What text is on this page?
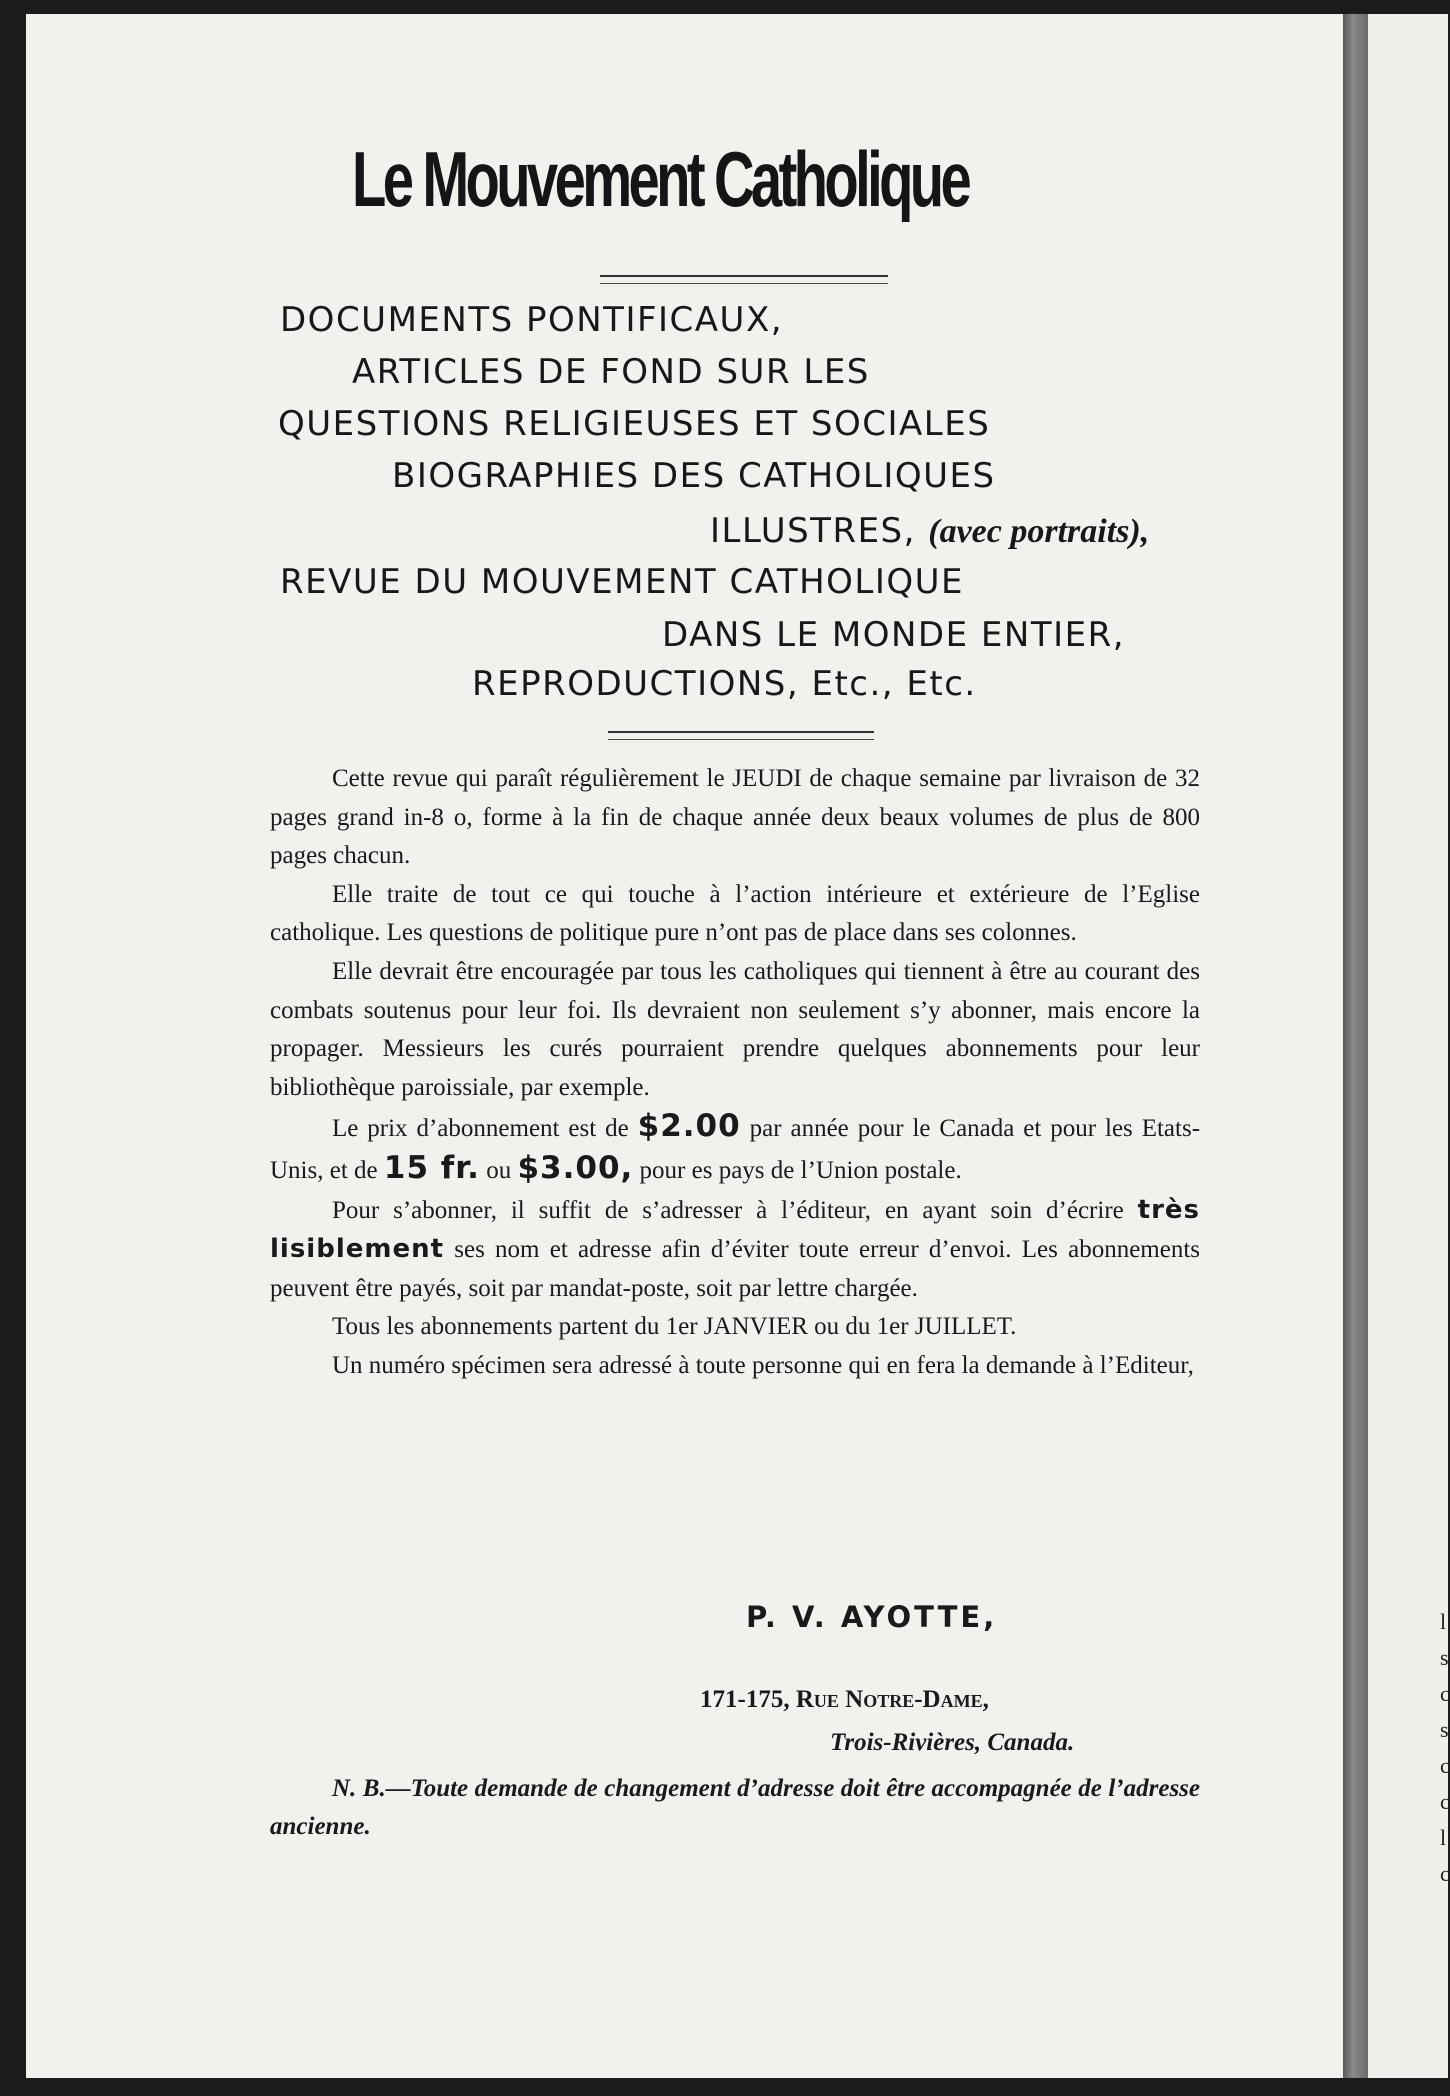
l
s
c
s
c
c
l
c
Le Mouvement Catholique
DOCUMENTS PONTIFICAUX,
ARTICLES DE FOND SUR LES
QUESTIONS RELIGIEUSES ET SOCIALES
BIOGRAPHIES DES CATHOLIQUES
ILLUSTRES, (avec portraits),
REVUE DU MOUVEMENT CATHOLIQUE
DANS LE MONDE ENTIER,
REPRODUCTIONS, Etc., Etc.

Cette revue qui paraît régulièrement le JEUDI de chaque semaine par livraison de 32 pages grand in-8 o, forme à la fin de chaque année deux beaux volumes de plus de 800 pages chacun.

Elle traite de tout ce qui touche à l’action intérieure et extérieure de l’Eglise catholique. Les questions de politique pure n’ont pas de place dans ses colonnes.

Elle devrait être encouragée par tous les catholiques qui tiennent à être au courant des combats soutenus pour leur foi. Ils devraient non seulement s’y abonner, mais encore la propager. Messieurs les curés pourraient prendre quelques abonnements pour leur bibliothèque paroissiale, par exemple.

Le prix d’abonnement est de $2.00 par année pour le Canada et pour les Etats-Unis, et de 15 fr. ou $3.00, pour es pays de l’Union postale.

Pour s’abonner, il suffit de s’adresser à l’éditeur, en ayant soin d’écrire très lisiblement ses nom et adresse afin d’éviter toute erreur d’envoi. Les abonnements peuvent être payés, soit par mandat-poste, soit par lettre chargée.

Tous les abonnements partent du 1er JANVIER ou du 1er JUILLET.

Un numéro spécimen sera adressé à toute personne qui en fera la demande à l’Editeur,

P. V. AYOTTE,
171-175, Rue Notre-Dame,
Trois-Rivières, Canada.
N. B.—Toute demande de changement d’adresse doit être accompagnée de l’adresse ancienne.
